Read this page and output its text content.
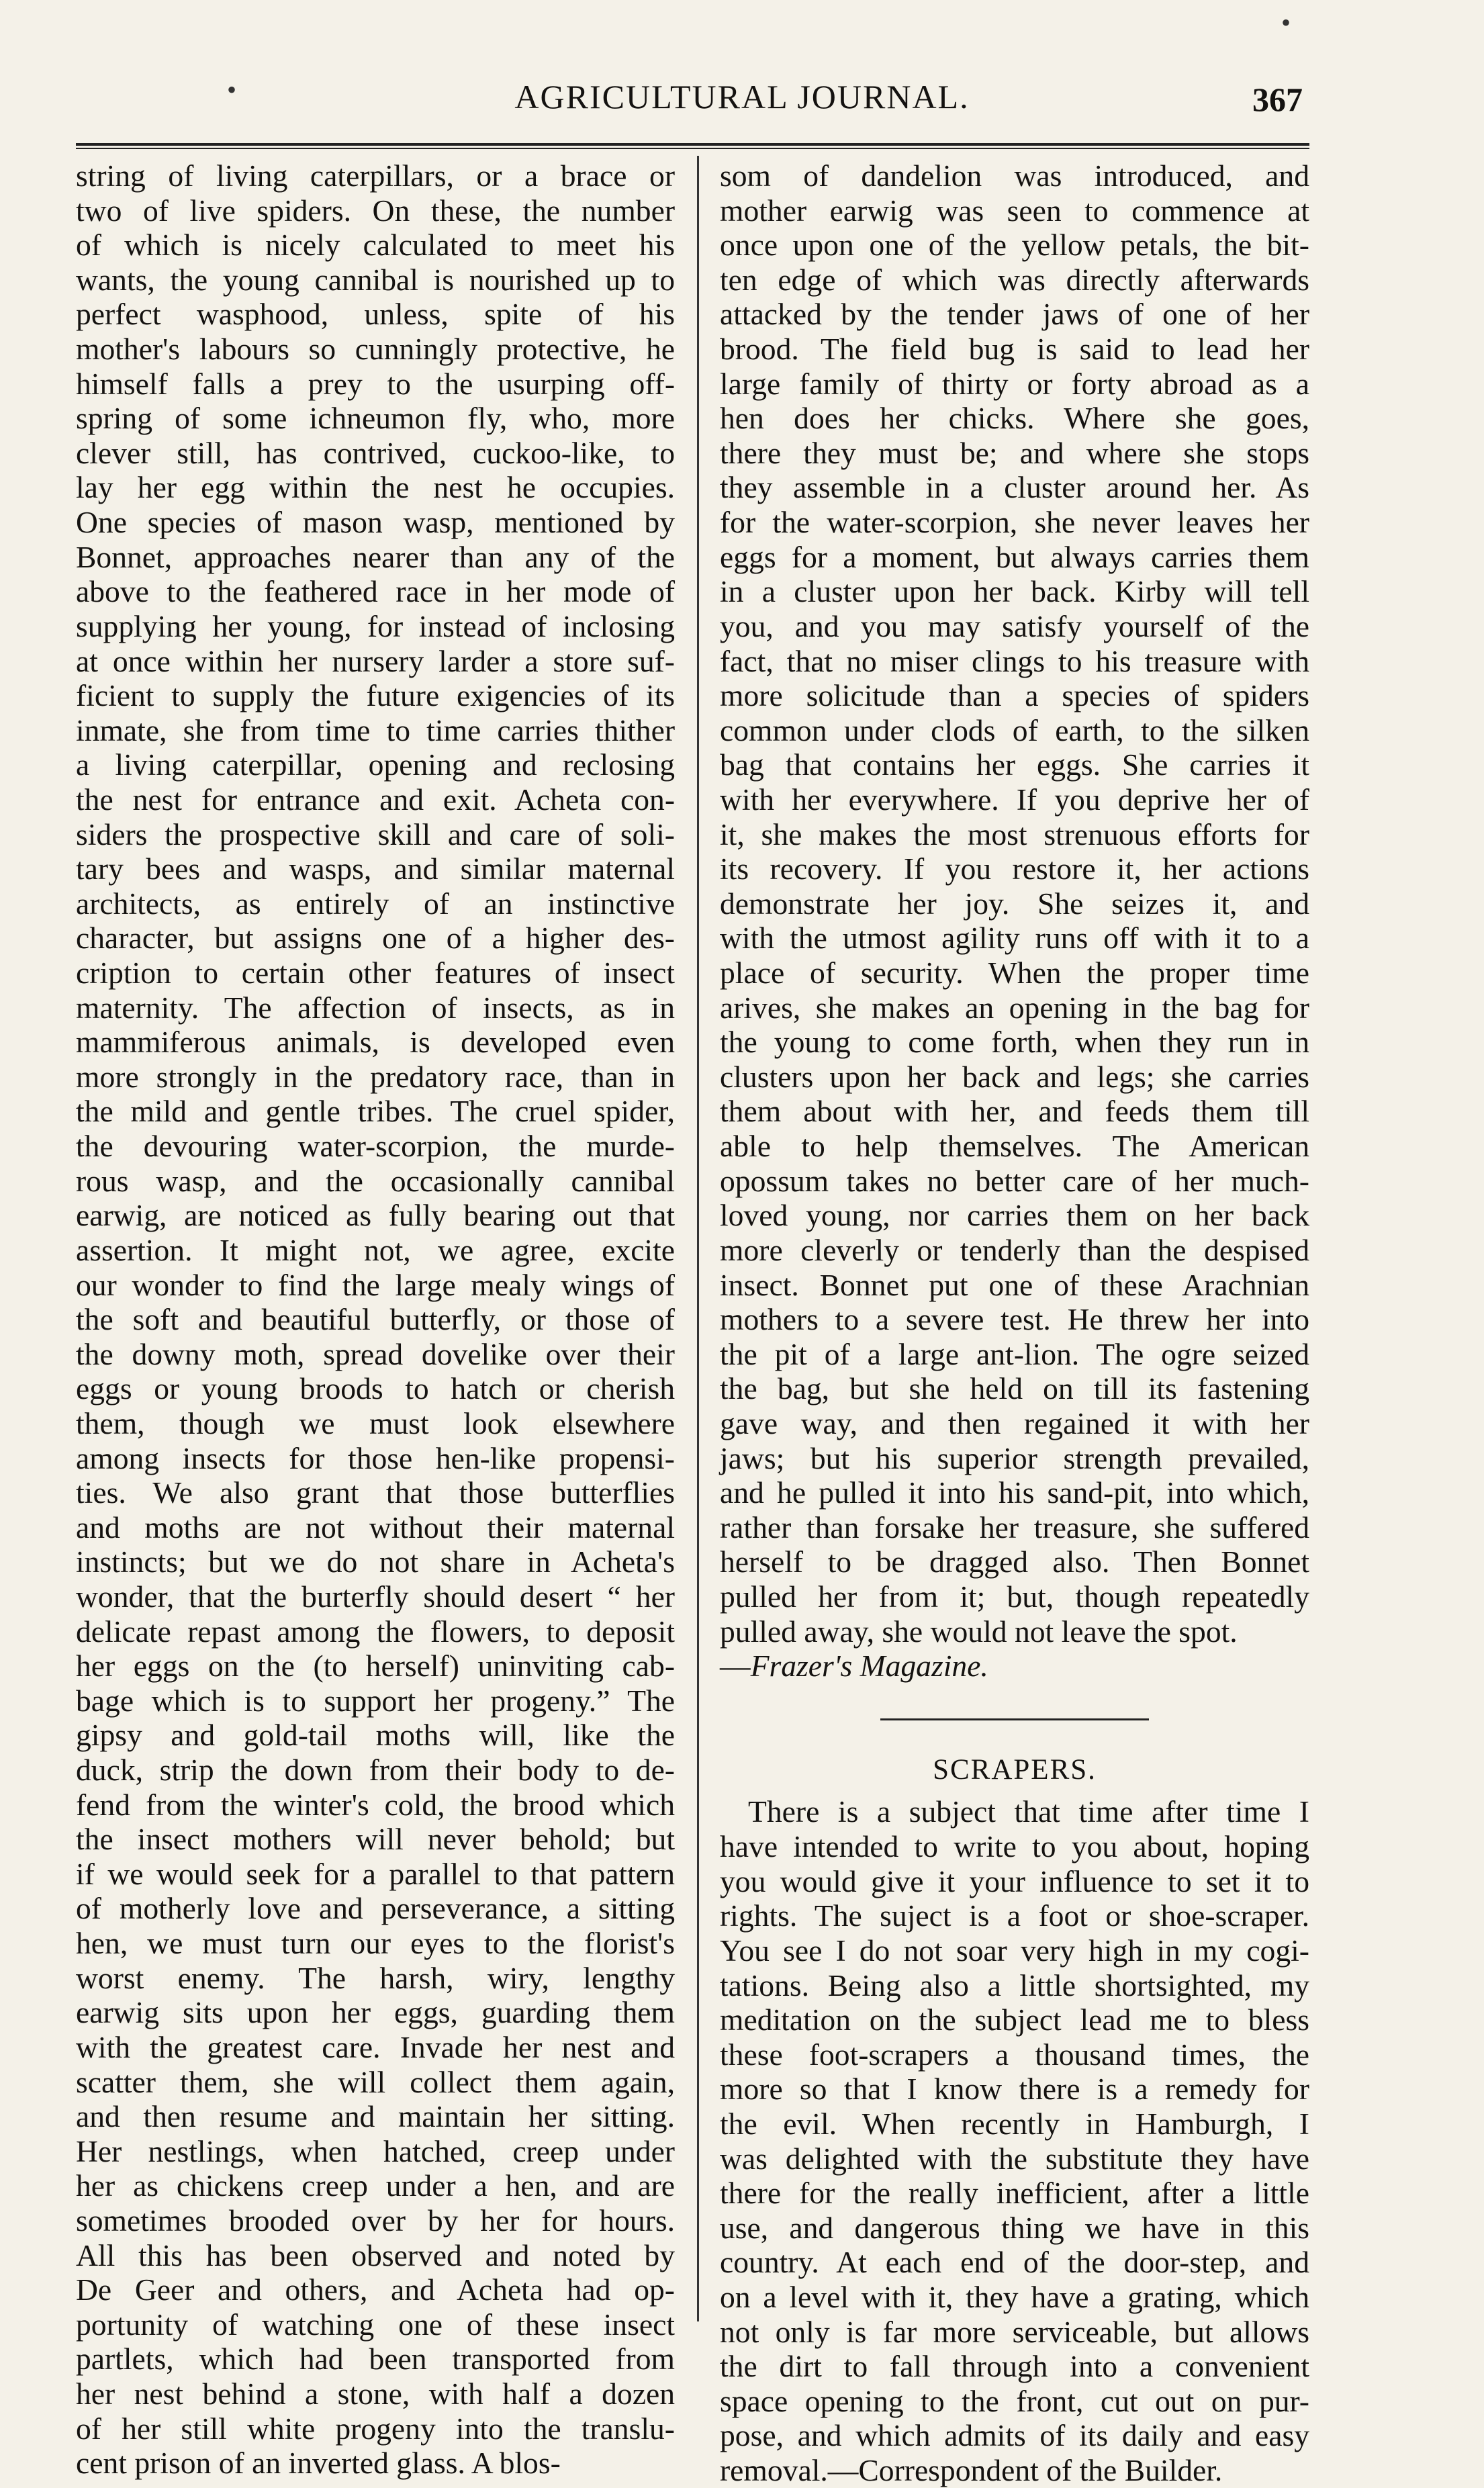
•
•
AGRICULTURAL JOURNAL.	367

string of living caterpillars, or a brace or
two of live spiders. On these, the number
of which is nicely calculated to meet his
wants, the young cannibal is nourished up to
perfect wasphood, unless, spite of his
mother's labours so cunningly protective, he
himself falls a prey to the usurping off-
spring of some ichneumon fly, who, more
clever still, has contrived, cuckoo-like, to
lay her egg within the nest he occupies.
One species of mason wasp, mentioned by
Bonnet, approaches nearer than any of the
above to the feathered race in her mode of
supplying her young, for instead of inclosing
at once within her nursery larder a store suf-
ficient to supply the future exigencies of its
inmate, she from time to time carries thither
a living caterpillar, opening and reclosing
the nest for entrance and exit. Acheta con-
siders the prospective skill and care of soli-
tary bees and wasps, and similar maternal
architects, as entirely of an instinctive
character, but assigns one of a higher des-
cription to certain other features of insect
maternity. The affection of insects, as in
mammiferous animals, is developed even
more strongly in the predatory race, than in
the mild and gentle tribes. The cruel spider,
the devouring water-scorpion, the murde-
rous wasp, and the occasionally cannibal
earwig, are noticed as fully bearing out that
assertion. It might not, we agree, excite
our wonder to find the large mealy wings of
the soft and beautiful butterfly, or those of
the downy moth, spread dovelike over their
eggs or young broods to hatch or cherish
them, though we must look elsewhere
among insects for those hen-like propensi-
ties. We also grant that those butterflies
and moths are not without their maternal
instincts; but we do not share in Acheta's
wonder, that the burterfly should desert “ her
delicate repast among the flowers, to deposit
her eggs on the (to herself) uninviting cab-
bage which is to support her progeny.” The
gipsy and gold-tail moths will, like the
duck, strip the down from their body to de-
fend from the winter's cold, the brood which
the insect mothers will never behold; but
if we would seek for a parallel to that pattern
of motherly love and perseverance, a sitting
hen, we must turn our eyes to the florist's
worst enemy. The harsh, wiry, lengthy
earwig sits upon her eggs, guarding them
with the greatest care. Invade her nest and
scatter them, she will collect them again,
and then resume and maintain her sitting.
Her nestlings, when hatched, creep under
her as chickens creep under a hen, and are
sometimes brooded over by her for hours.
All this has been observed and noted by
De Geer and others, and Acheta had op-
portunity of watching one of these insect
partlets, which had been transported from
her nest behind a stone, with half a dozen
of her still white progeny into the translu-
cent prison of an inverted glass. A blos-

som of dandelion was introduced, and
mother earwig was seen to commence at
once upon one of the yellow petals, the bit-
ten edge of which was directly afterwards
attacked by the tender jaws of one of her
brood. The field bug is said to lead her
large family of thirty or forty abroad as a
hen does her chicks. Where she goes,
there they must be; and where she stops
they assemble in a cluster around her. As
for the water-scorpion, she never leaves her
eggs for a moment, but always carries them
in a cluster upon her back. Kirby will tell
you, and you may satisfy yourself of the
fact, that no miser clings to his treasure with
more solicitude than a species of spiders
common under clods of earth, to the silken
bag that contains her eggs. She carries it
with her everywhere. If you deprive her of
it, she makes the most strenuous efforts for
its recovery. If you restore it, her actions
demonstrate her joy. She seizes it, and
with the utmost agility runs off with it to a
place of security. When the proper time
arives, she makes an opening in the bag for
the young to come forth, when they run in
clusters upon her back and legs; she carries
them about with her, and feeds them till
able to help themselves. The American
opossum takes no better care of her much-
loved young, nor carries them on her back
more cleverly or tenderly than the despised
insect. Bonnet put one of these Arachnian
mothers to a severe test. He threw her into
the pit of a large ant-lion. The ogre seized
the bag, but she held on till its fastening
gave way, and then regained it with her
jaws; but his superior strength prevailed,
and he pulled it into his sand-pit, into which,
rather than forsake her treasure, she suffered
herself to be dragged also. Then Bonnet
pulled her from it; but, though repeatedly
pulled away, she would not leave the spot.

—Frazer's Magazine.
SCRAPERS.

There is a subject that time after time I
have intended to write to you about, hoping
you would give it your influence to set it to
rights. The suject is a foot or shoe-scraper.
You see I do not soar very high in my cogi-
tations. Being also a little shortsighted, my
meditation on the subject lead me to bless
these foot-scrapers a thousand times, the
more so that I know there is a remedy for
the evil. When recently in Hamburgh, I
was delighted with the substitute they have
there for the really inefficient, after a little
use, and dangerous thing we have in this
country. At each end of the door-step, and
on a level with it, they have a grating, which
not only is far more serviceable, but allows
the dirt to fall through into a convenient
space opening to the front, cut out on pur-
pose, and which admits of its daily and easy
removal.—Correspondent of the Builder.
